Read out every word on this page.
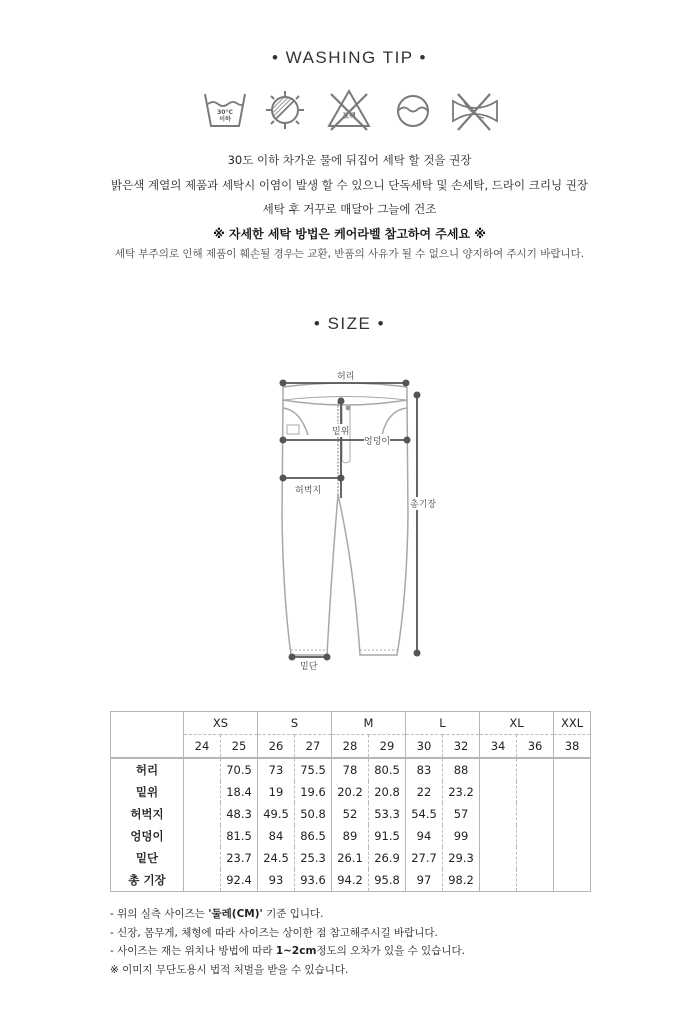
• WASHING TIP •
30°C
이하	표백
30도 이하 차가운 물에 뒤집어 세탁 할 것을 권장
밝은색 계열의 제품과 세탁시 이염이 발생 할 수 있으니 단독세탁 및 손세탁, 드라이 크리닝 권장
세탁 후 거꾸로 매달아 그늘에 건조
※ 자세한 세탁 방법은 케어라벨 참고하여 주세요 ※
세탁 부주의로 인해 제품이 훼손될 경우는 교환, 반품의 사유가 될 수 없으니 양지하여 주시기 바랍니다.
• SIZE •
허리
밑위
엉덩이
허벅지
총기장
밑단
	XS		S		M		L		XL		XXL
	24	25	26	27	28	29	30	32	34	36	38
허리		70.5	73	75.5	78	80.5	83	88			
밑위		18.4	19	19.6	20.2	20.8	22	23.2			
허벅지		48.3	49.5	50.8	52	53.3	54.5	57			
엉덩이		81.5	84	86.5	89	91.5	94	99			
밑단		23.7	24.5	25.3	26.1	26.9	27.7	29.3			
총 기장		92.4	93	93.6	94.2	95.8	97	98.2			
- 위의 실측 사이즈는 '둘레(CM)' 기준 입니다.
- 신장, 몸무게, 체형에 따라 사이즈는 상이한 점 참고해주시길 바랍니다.
- 사이즈는 재는 위치나 방법에 따라 1~2cm정도의 오차가 있을 수 있습니다.
※ 이미지 무단도용시 법적 처벌을 받을 수 있습니다.
